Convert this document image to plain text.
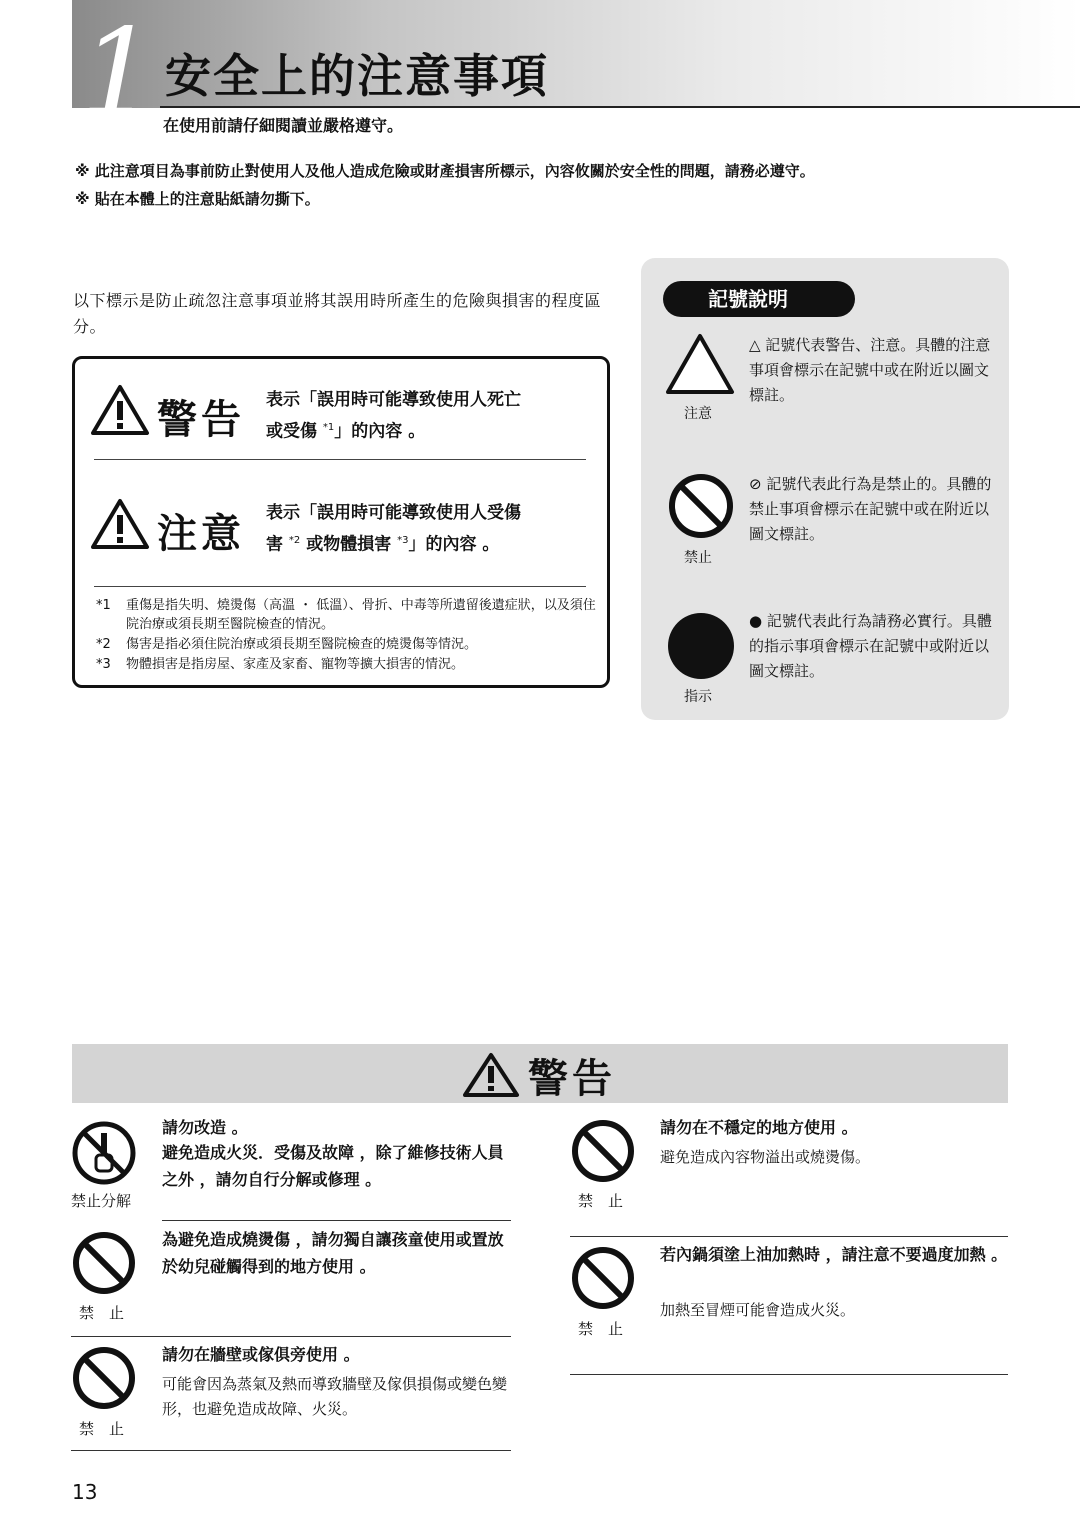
1 安全上的注意事項
在使用前請仔細閱讀並嚴格遵守。
※ 此注意項目為事前防止對使用人及他人造成危險或財產損害所標示，內容攸關於安全性的問題，請務必遵守。
※ 貼在本體上的注意貼紙請勿撕下。
以下標示是防止疏忽注意事項並將其誤用時所產生的危險與損害的程度區分。
警告 表示「誤用時可能導致使用人死亡
或受傷 $^{*1}$」的內容 。
注意 表示「誤用時可能導致使用人受傷
害 $^{*2}$ 或物體損害 $^{*3}$」的內容 。
*1 重傷是指失明、燒燙傷（高溫 ・ 低溫）、骨折、中毒等所遺留後遺症狀，以及須住院治療或須長期至醫院檢查的情況。
*2 傷害是指必須住院治療或須長期至醫院檢查的燒燙傷等情況。
*3 物體損害是指房屋、家產及家畜、寵物等擴大損害的情況。
記號說明
注意
△ 記號代表警告、注意。具體的注意事項會標示在記號中或在附近以圖文標註。
禁止
⊘ 記號代表此行為是禁止的。具體的禁止事項會標示在記號中或在附近以圖文標註。
指示
● 記號代表此行為請務必實行。具體的指示事項會標示在記號中或附近以圖文標註。
警告
禁止分解
請勿改造 。
避免造成火災．受傷及故障 ，除了維修技術人員之外 ，請勿自行分解或修理 。
禁　止
為避免造成燒燙傷 ，請勿獨自讓孩童使用或置放於幼兒碰觸得到的地方使用 。
禁　止
請勿在牆壁或傢俱旁使用 。
可能會因為蒸氣及熱而導致牆壁及傢俱損傷或變色變形，也避免造成故障、火災。
禁　止
請勿在不穩定的地方使用 。
避免造成內容物溢出或燒燙傷。
禁　止
若內鍋須塗上油加熱時 ，請注意不要過度加熱 。
加熱至冒煙可能會造成火災。
13
